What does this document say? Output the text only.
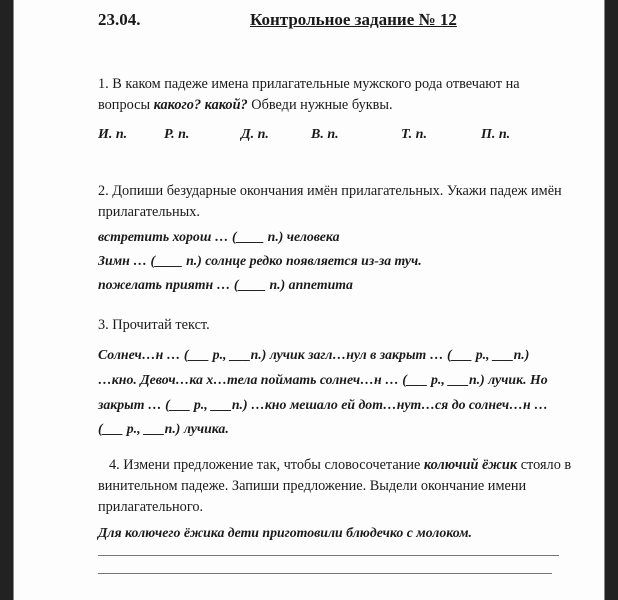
23.04.	Контрольное задание № 12
1. В каком падеже имена прилагательные мужского рода отвечают на
вопросы какого? какой? Обведи нужные буквы.
И. п.	Р. п.	Д. п.	В. п.	Т. п.	П. п.
2. Допиши безударные окончания имён прилагательных. Укажи падеж имён
прилагательных.
встретить хорош … (____ п.) человека
Зимн … (____ п.) солнце редко появляется из-за туч.
пожелать приятн … (____ п.) аппетита
3. Прочитай текст.
Солнеч…н … (___ р., ___п.) лучик загл…нул в закрыт … (___ р., ___п.)
…кно. Девоч…ка х…тела поймать солнеч…н … (___ р., ___п.) лучик. Но
закрыт … (___ р., ___п.) …кно мешало ей дот…нут…ся до солнеч…н …
(___ р., ___п.) лучика.
4. Измени предложение так, чтобы словосочетание колючий ёжик стояло в
винительном падеже. Запиши предложение. Выдели окончание имени
прилагательного.
Для колючего ёжика дети приготовили блюдечко с молоком.
